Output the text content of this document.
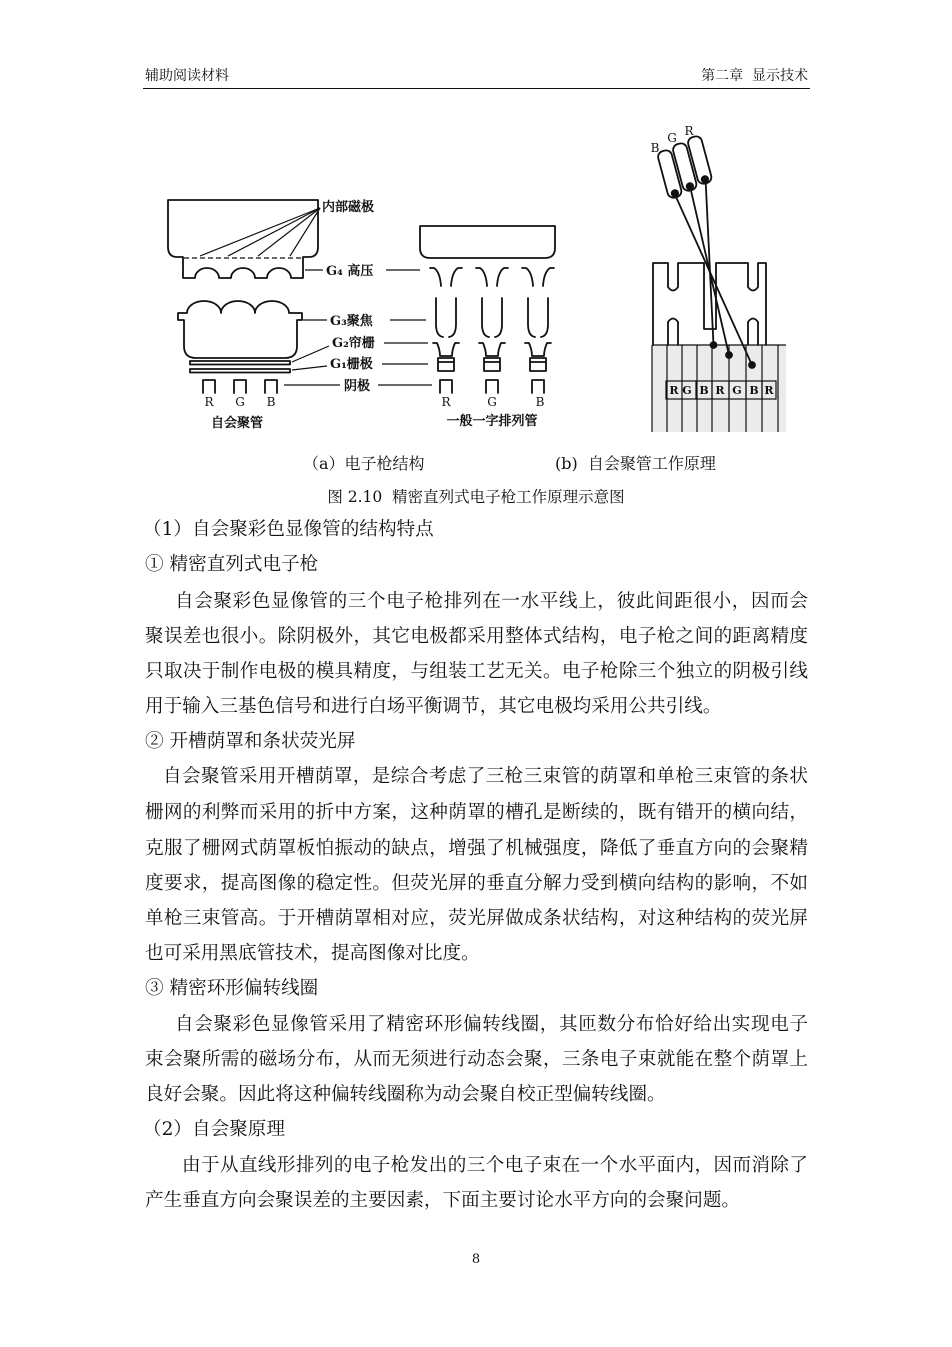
辅助阅读材料	第二章  显示技术
R G B
自会聚管
内部磁极
G₄ 高压
G₃聚焦
G₂帘栅
G₁栅极
阴极
R	G	B
一般一字排列管
B
G R
R G B R G B R
（a）电子枪结构	(b)  自会聚管工作原理
图 2.10  精密直列式电子枪工作原理示意图
（1）自会聚彩色显像管的结构特点
① 精密直列式电子枪
自会聚彩色显像管的三个电子枪排列在一水平线上，彼此间距很小，因而会
聚误差也很小。除阴极外，其它电极都采用整体式结构，电子枪之间的距离精度
只取决于制作电极的模具精度，与组装工艺无关。电子枪除三个独立的阴极引线
用于输入三基色信号和进行白场平衡调节，其它电极均采用公共引线。
② 开槽荫罩和条状荧光屏
自会聚管采用开槽荫罩，是综合考虑了三枪三束管的荫罩和单枪三束管的条状
栅网的利弊而采用的折中方案，这种荫罩的槽孔是断续的，既有错开的横向结，
克服了栅网式荫罩板怕振动的缺点，增强了机械强度，降低了垂直方向的会聚精
度要求，提高图像的稳定性。但荧光屏的垂直分解力受到横向结构的影响，不如
单枪三束管高。于开槽荫罩相对应，荧光屏做成条状结构，对这种结构的荧光屏
也可采用黑底管技术，提高图像对比度。
③ 精密环形偏转线圈
自会聚彩色显像管采用了精密环形偏转线圈，其匝数分布恰好给出实现电子
束会聚所需的磁场分布，从而无须进行动态会聚，三条电子束就能在整个荫罩上
良好会聚。因此将这种偏转线圈称为动会聚自校正型偏转线圈。
（2）自会聚原理
由于从直线形排列的电子枪发出的三个电子束在一个水平面内，因而消除了
产生垂直方向会聚误差的主要因素，下面主要讨论水平方向的会聚问题。
8
